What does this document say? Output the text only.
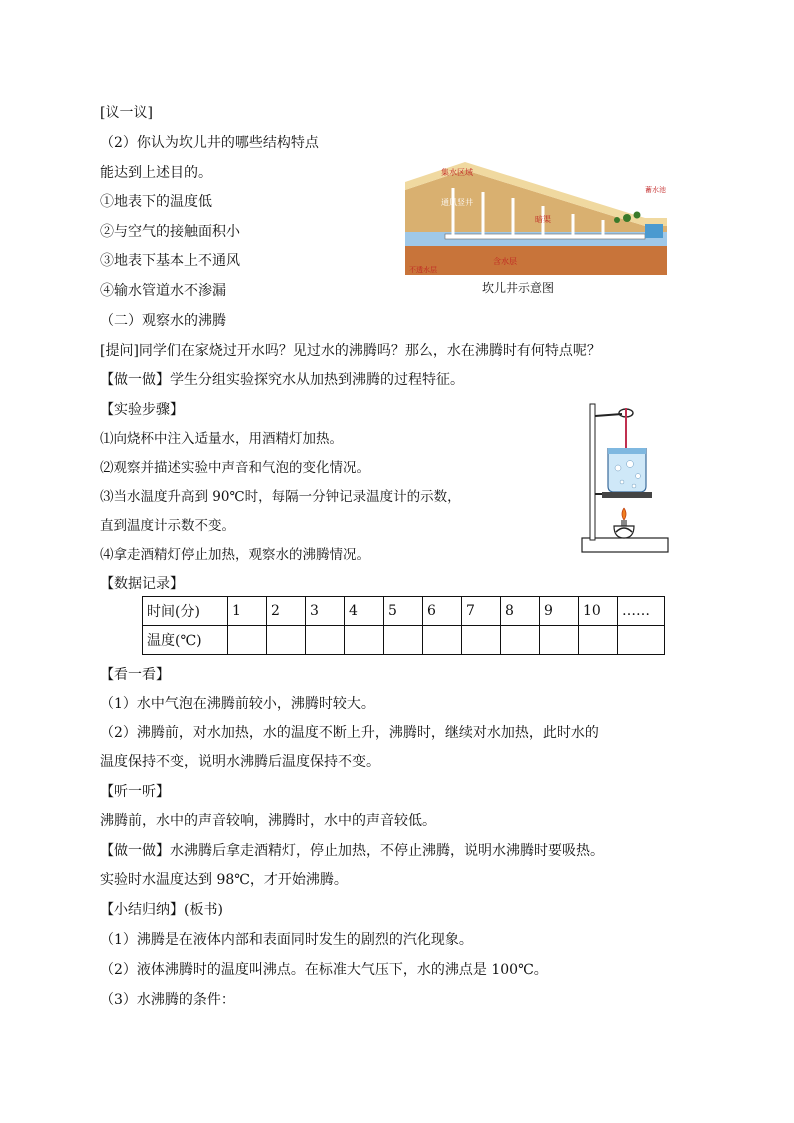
[议一议]
（2）你认为坎儿井的哪些结构特点
能达到上述目的。
①地表下的温度低
②与空气的接触面积小
③地表下基本上不通风
④输水管道水不渗漏
集水区域
通风竖井
暗渠
蓄水池
含水层
不透水层
坎儿井示意图
（二）观察水的沸腾
[提问]同学们在家烧过开水吗？见过水的沸腾吗？那么，水在沸腾时有何特点呢？
【做一做】学生分组实验探究水从加热到沸腾的过程特征。
【实验步骤】
⑴向烧杯中注入适量水，用酒精灯加热。
⑵观察并描述实验中声音和气泡的变化情况。
⑶当水温度升高到 90℃时，每隔一分钟记录温度计的示数，
直到温度计示数不变。
⑷拿走酒精灯停止加热，观察水的沸腾情况。
【数据记录】
时间(分)	1	2	3	4	5	6	7	8	9	10	……
温度(℃)											
【看一看】
（1）水中气泡在沸腾前较小，沸腾时较大。
（2）沸腾前，对水加热，水的温度不断上升，沸腾时，继续对水加热，此时水的
温度保持不变，说明水沸腾后温度保持不变。
【听一听】
沸腾前，水中的声音较响，沸腾时，水中的声音较低。
【做一做】水沸腾后拿走酒精灯，停止加热，不停止沸腾，说明水沸腾时要吸热。
实验时水温度达到 98℃，才开始沸腾。
【小结归纳】(板书)
（1）沸腾是在液体内部和表面同时发生的剧烈的汽化现象。
（2）液体沸腾时的温度叫沸点。在标准大气压下，水的沸点是 100℃。
（3）水沸腾的条件：
